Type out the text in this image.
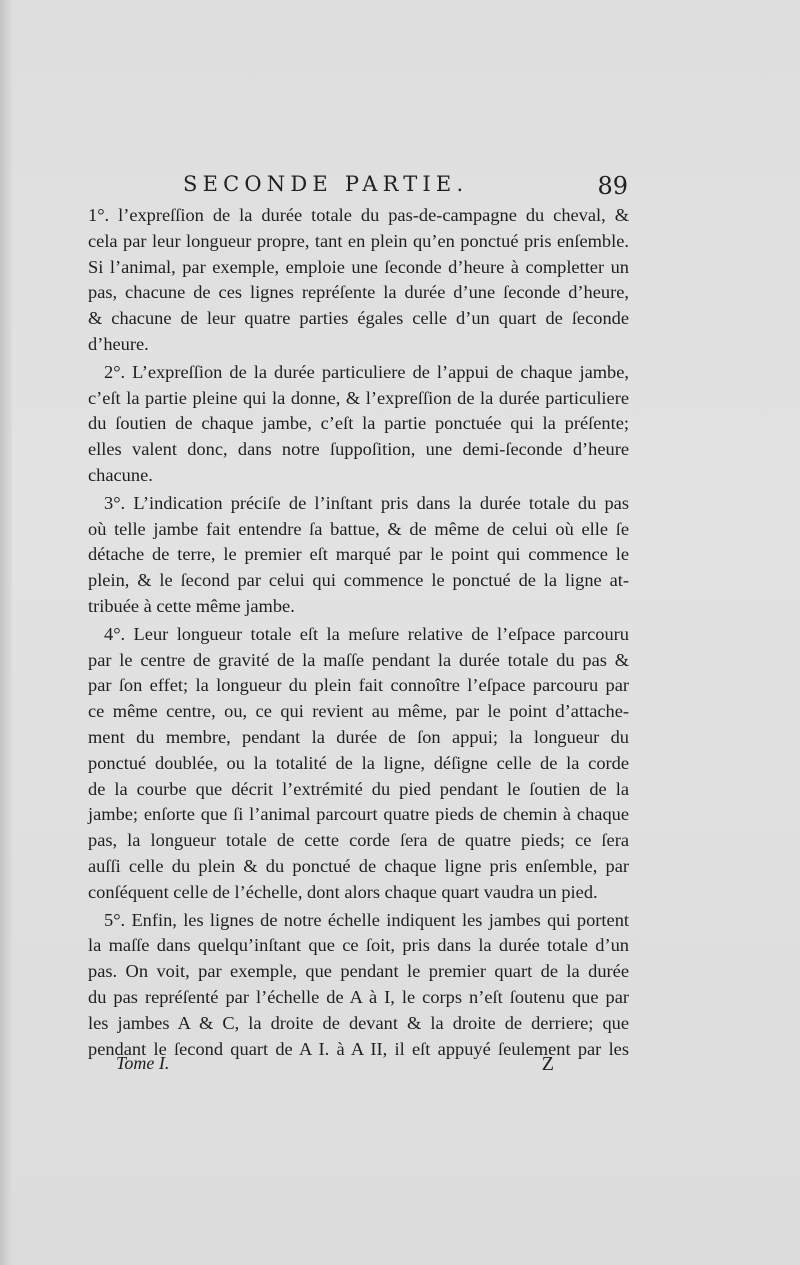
SECONDE PARTIE.	89

1°. l’expreſſion de la durée totale du pas-de-campagne du cheval, &
cela par leur longueur propre, tant en plein qu’en ponctué pris enſemble.
Si l’animal, par exemple, emploie une ſeconde d’heure à completter un
pas, chacune de ces lignes repréſente la durée d’une ſeconde d’heure,
& chacune de leur quatre parties égales celle d’un quart de ſeconde
d’heure.

2°. L’expreſſion de la durée particuliere de l’appui de chaque jambe,
c’eſt la partie pleine qui la donne, & l’expreſſion de la durée particuliere
du ſoutien de chaque jambe, c’eſt la partie ponctuée qui la préſente;
elles valent donc, dans notre ſuppoſition, une demi-ſeconde d’heure
chacune.

3°. L’indication préciſe de l’inſtant pris dans la durée totale du pas
où telle jambe fait entendre ſa battue, & de même de celui où elle ſe
détache de terre, le premier eſt marqué par le point qui commence le
plein, & le ſecond par celui qui commence le ponctué de la ligne at-
tribuée à cette même jambe.

4°. Leur longueur totale eſt la meſure relative de l’eſpace parcouru
par le centre de gravité de la maſſe pendant la durée totale du pas &
par ſon effet; la longueur du plein fait connoître l’eſpace parcouru par
ce même centre, ou, ce qui revient au même, par le point d’attache-
ment du membre, pendant la durée de ſon appui; la longueur du
ponctué doublée, ou la totalité de la ligne, déſigne celle de la corde
de la courbe que décrit l’extrémité du pied pendant le ſoutien de la
jambe; enſorte que ſi l’animal parcourt quatre pieds de chemin à chaque
pas, la longueur totale de cette corde ſera de quatre pieds; ce ſera
auſſi celle du plein & du ponctué de chaque ligne pris enſemble, par
conſéquent celle de l’échelle, dont alors chaque quart vaudra un pied.

5°. Enfin, les lignes de notre échelle indiquent les jambes qui portent
la maſſe dans quelqu’inſtant que ce ſoit, pris dans la durée totale d’un
pas. On voit, par exemple, que pendant le premier quart de la durée
du pas repréſenté par l’échelle de A à I, le corps n’eſt ſoutenu que par
les jambes A & C, la droite de devant & la droite de derriere; que
pendant le ſecond quart de A I. à A II, il eſt appuyé ſeulement par les

Tome I.	Z
